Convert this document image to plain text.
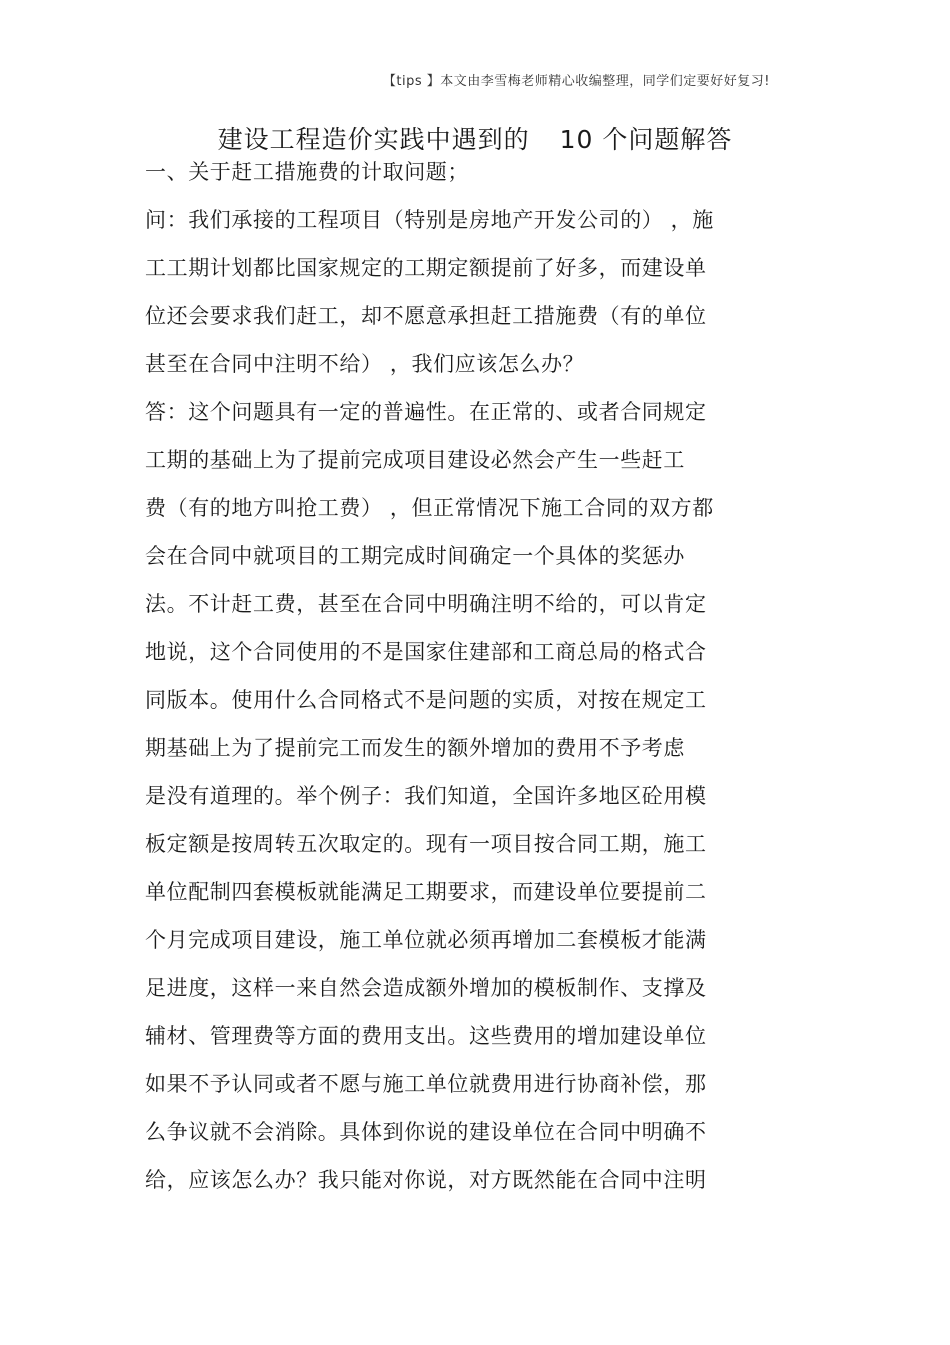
【tips 】本文由李雪梅老师精心收编整理，同学们定要好好复习!
建设工程造价实践中遇到的 10 个问题解答
一、关于赶工措施费的计取问题；
问：我们承接的工程项目（特别是房地产开发公司的） ，施
工工期计划都比国家规定的工期定额提前了好多，而建设单
位还会要求我们赶工，却不愿意承担赶工措施费（有的单位
甚至在合同中注明不给） ，我们应该怎么办？
答：这个问题具有一定的普遍性。在正常的、或者合同规定
工期的基础上为了提前完成项目建设必然会产生一些赶工
费（有的地方叫抢工费） ，但正常情况下施工合同的双方都
会在合同中就项目的工期完成时间确定一个具体的奖惩办
法。不计赶工费，甚至在合同中明确注明不给的，可以肯定
地说，这个合同使用的不是国家住建部和工商总局的格式合
同版本。使用什么合同格式不是问题的实质，对按在规定工
期基础上为了提前完工而发生的额外增加的费用不予考虑
是没有道理的。举个例子：我们知道，全国许多地区砼用模
板定额是按周转五次取定的。现有一项目按合同工期，施工
单位配制四套模板就能满足工期要求，而建设单位要提前二
个月完成项目建设，施工单位就必须再增加二套模板才能满
足进度，这样一来自然会造成额外增加的模板制作、支撑及
辅材、管理费等方面的费用支出。这些费用的增加建设单位
如果不予认同或者不愿与施工单位就费用进行协商补偿，那
么争议就不会消除。具体到你说的建设单位在合同中明确不
给，应该怎么办？我只能对你说，对方既然能在合同中注明
